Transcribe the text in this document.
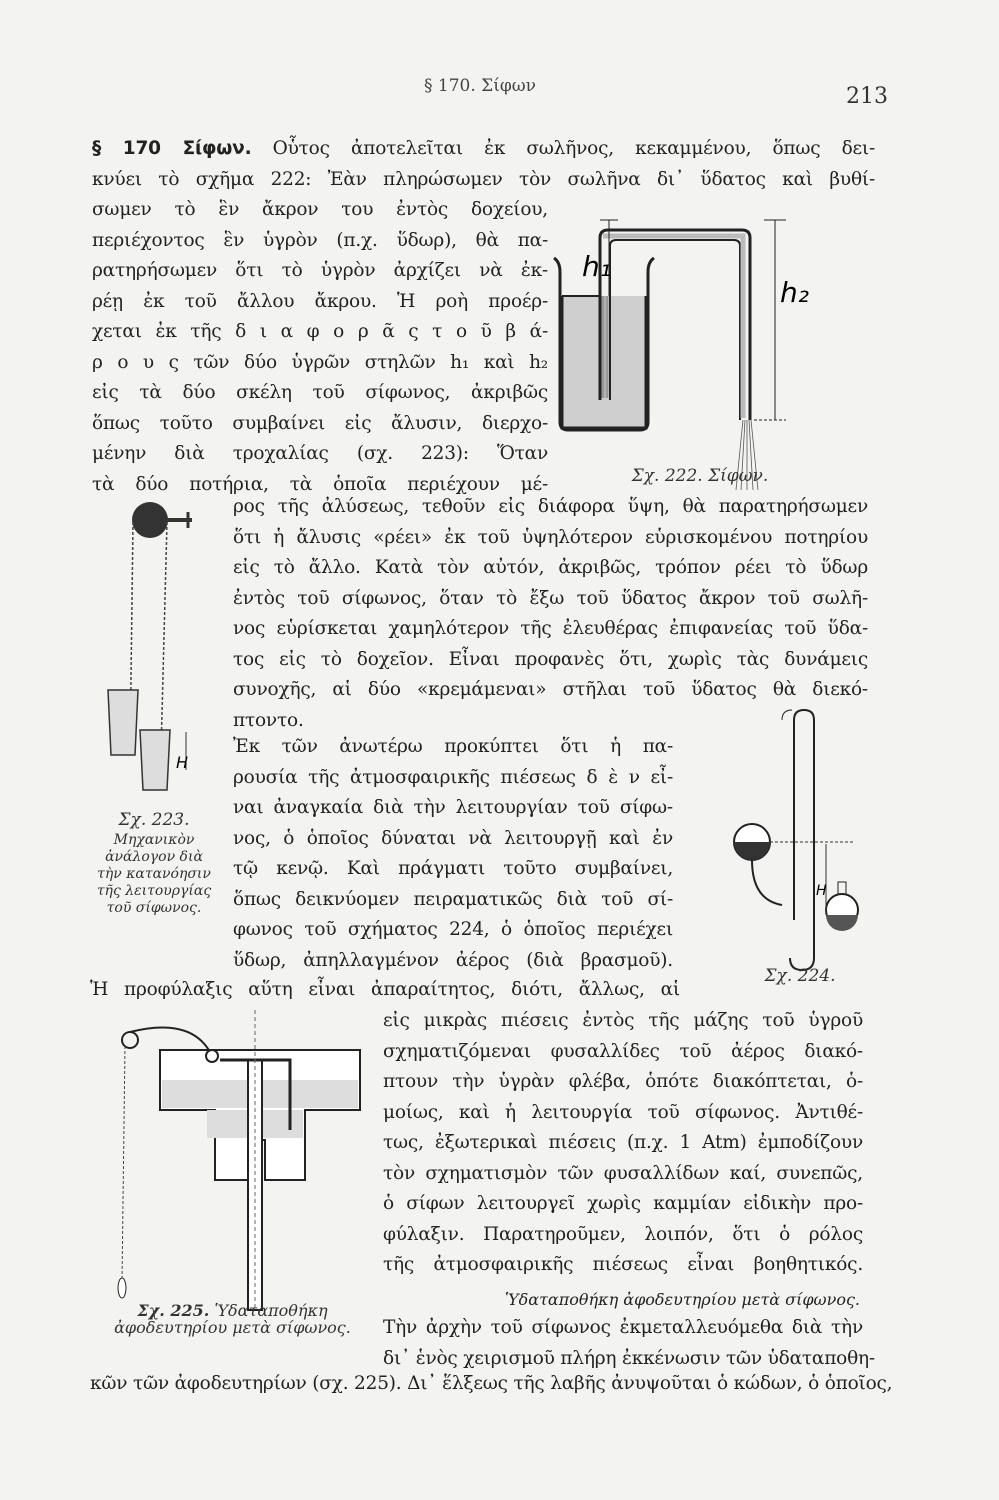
§ 170. Σίφων	213
§ 170 Σίφων. Οὗτος ἀποτελεῖται ἐκ σωλῆνος, κεκαμμένου, ὅπως δει-
κνύει τὸ σχῆμα 222: Ἐὰν πληρώσωμεν τὸν σωλῆνα δι᾽ ὕδατος καὶ βυθί-
σωμεν τὸ ἓν ἄκρον του ἐντὸς δοχείου,
περιέχοντος ἓν ὑγρὸν (π.χ. ὕδωρ), θὰ πα-
ρατηρήσωμεν ὅτι τὸ ὑγρὸν ἀρχίζει νὰ ἐκ-
ρέῃ ἐκ τοῦ ἄλλου ἄκρου. Ἡ ροὴ προέρ-
χεται ἐκ τῆς δ ι α φ ο ρ ᾶ ς τ ο ῦ β ά-
ρ ο υ ς τῶν δύο ὑγρῶν στηλῶν h₁ καὶ h₂
εἰς τὰ δύο σκέλη τοῦ σίφωνος, ἀκριβῶς
ὅπως τοῦτο συμβαίνει εἰς ἄλυσιν, διερχο-
μένην διὰ τροχαλίας (σχ. 223): Ὅταν
τὰ δύο ποτήρια, τὰ ὁποῖα περιέχουν μέ-
ρος τῆς ἀλύσεως, τεθοῦν εἰς διάφορα ὕψη, θὰ παρατηρήσωμεν
ὅτι ἡ ἄλυσις «ρέει» ἐκ τοῦ ὑψηλότερον εὑρισκομένου ποτηρίου
εἰς τὸ ἄλλο. Κατὰ τὸν αὐτόν, ἀκριβῶς, τρόπον ρέει τὸ ὕδωρ
ἐντὸς τοῦ σίφωνος, ὅταν τὸ ἔξω τοῦ ὕδατος ἄκρον τοῦ σωλῆ-
νος εὑρίσκεται χαμηλότερον τῆς ἐλευθέρας ἐπιφανείας τοῦ ὕδα-
τος εἰς τὸ δοχεῖον. Εἶναι προφανὲς ὅτι, χωρὶς τὰς δυνάμεις
συνοχῆς, αἱ δύο «κρεμάμεναι» στῆλαι τοῦ ὕδατος θὰ διεκό-
πτοντο.
Ἐκ τῶν ἀνωτέρω προκύπτει ὅτι ἡ πα-
ρουσία τῆς ἀτμοσφαιρικῆς πιέσεως δ ὲ ν εἶ-
ναι ἀναγκαία διὰ τὴν λειτουργίαν τοῦ σίφω-
νος, ὁ ὁποῖος δύναται νὰ λειτουργῇ καὶ ἐν
τῷ κενῷ. Καὶ πράγματι τοῦτο συμβαίνει,
ὅπως δεικνύομεν πειραματικῶς διὰ τοῦ σί-
φωνος τοῦ σχήματος 224, ὁ ὁποῖος περιέχει
ὕδωρ, ἀπηλλαγμένον ἀέρος (διὰ βρασμοῦ).
Ἡ προφύλαξις αὕτη εἶναι ἀπαραίτητος, διότι, ἄλλως, αἱ
εἰς μικρὰς πιέσεις ἐντὸς τῆς μάζης τοῦ ὑγροῦ
σχηματιζόμεναι φυσαλλίδες τοῦ ἀέρος διακό-
πτουν τὴν ὑγρὰν φλέβα, ὁπότε διακόπτεται, ὁ-
μοίως, καὶ ἡ λειτουργία τοῦ σίφωνος. Ἀντιθέ-
τως, ἐξωτερικαὶ πιέσεις (π.χ. 1 Atm) ἐμποδίζουν
τὸν σχηματισμὸν τῶν φυσαλλίδων καί, συνεπῶς,
ὁ σίφων λειτουργεῖ χωρὶς καμμίαν εἰδικὴν προ-
φύλαξιν. Παρατηροῦμεν, λοιπόν, ὅτι ὁ ρόλος
τῆς ἀτμοσφαιρικῆς πιέσεως εἶναι βοηθητικός.
Ὑδαταποθήκη ἀφοδευτηρίου μετὰ σίφωνος.
Τὴν ἀρχὴν τοῦ σίφωνος ἐκμεταλλευόμεθα διὰ τὴν
δι᾽ ἑνὸς χειρισμοῦ πλήρη ἐκκένωσιν τῶν ὑδαταποθη-
κῶν τῶν ἀφοδευτηρίων (σχ. 225). Δι᾽ ἕλξεως τῆς λαβῆς ἀνυψοῦται ὁ κώδων, ὁ ὁποῖος,
h₁
h₂
Σχ. 222. Σίφων.
H
Σχ. 223.
Μηχανικὸν ἀνάλογον διὰ τὴν κατανόησιν τῆς λειτουργίας τοῦ σίφωνος.
H
Σχ. 224.
Σχ. 225. Ὑδαταποθήκη ἀφοδευτηρίου μετὰ σίφωνος.
